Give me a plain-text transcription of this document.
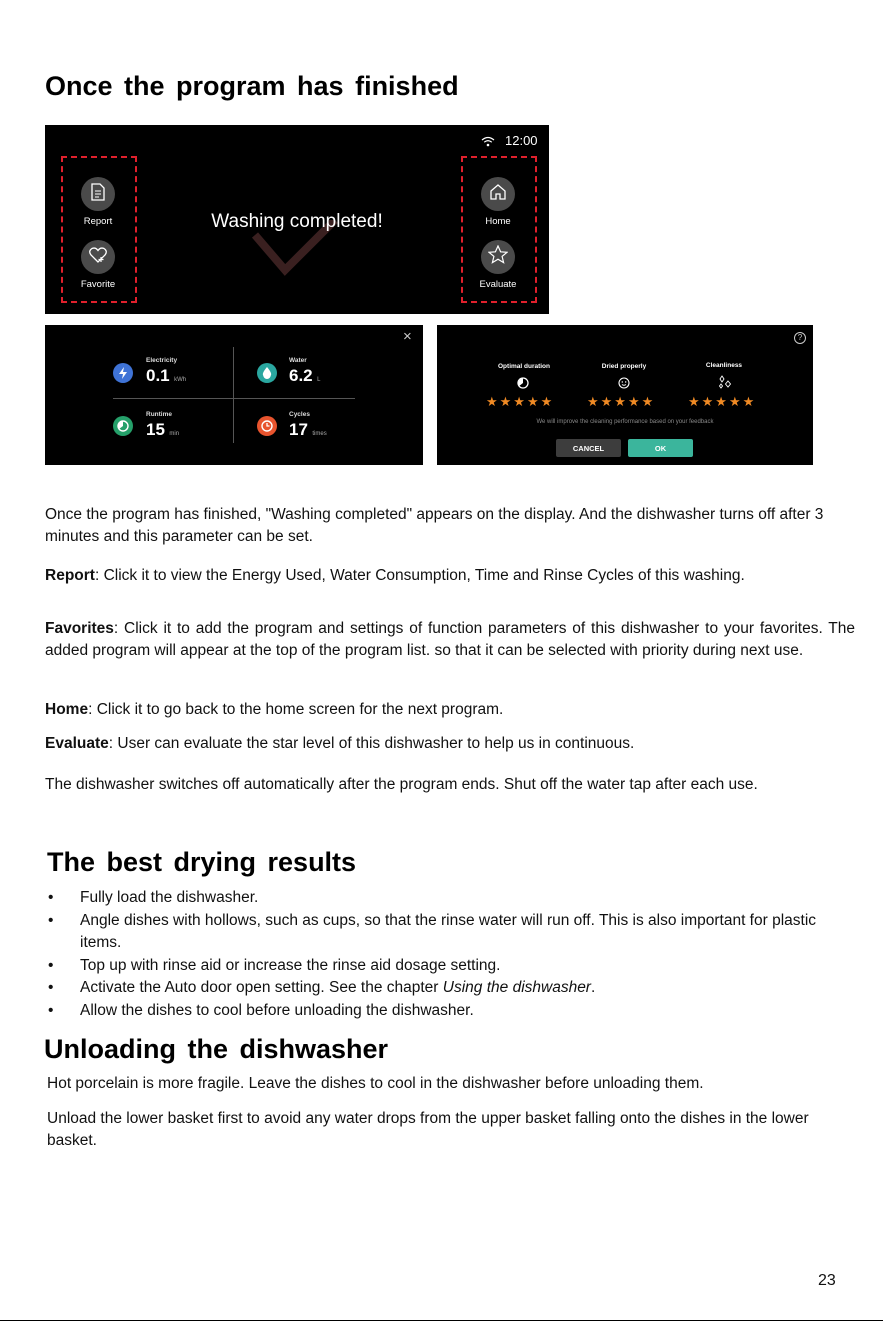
Once the program has finished
12:00
Washing completed!
Report
Favorite
Home
Evaluate
×
Electricity
0.1 kWh
Water
6.2 L
Runtime
15 min
Cycles
17 times
?
Optimal duration	Dried properly	Cleanliness
★★★★★	★★★★★	★★★★★
We will improve the cleaning performance based on your feedback
CANCEL	OK

Once the program has finished, "Washing completed" appears on the display. And the dishwasher turns off after 3 minutes and this parameter can be set.

Report: Click it to view the Energy Used, Water Consumption, Time and Rinse Cycles of this washing.

Favorites: Click it to add the program and settings of function parameters of this dishwasher to your favorites. The added program will appear at the top of the program list. so that it can be selected with priority during next use.

Home: Click it to go back to the home screen for the next program.

Evaluate: User can evaluate the star level of this dishwasher to help us in continuous.

The dishwasher switches off automatically after the program ends. Shut off the water tap after each use.

The best drying results
• Fully load the dishwasher.
• Angle dishes with hollows, such as cups, so that the rinse water will run off. This is also important for plastic items.
• Top up with rinse aid or increase the rinse aid dosage setting.
• Activate the Auto door open setting. See the chapter Using the dishwasher.
• Allow the dishes to cool before unloading the dishwasher.
Unloading the dishwasher

Hot porcelain is more fragile. Leave the dishes to cool in the dishwasher before unloading them.

Unload the lower basket first to avoid any water drops from the upper basket falling onto the dishes in the lower basket.

23
